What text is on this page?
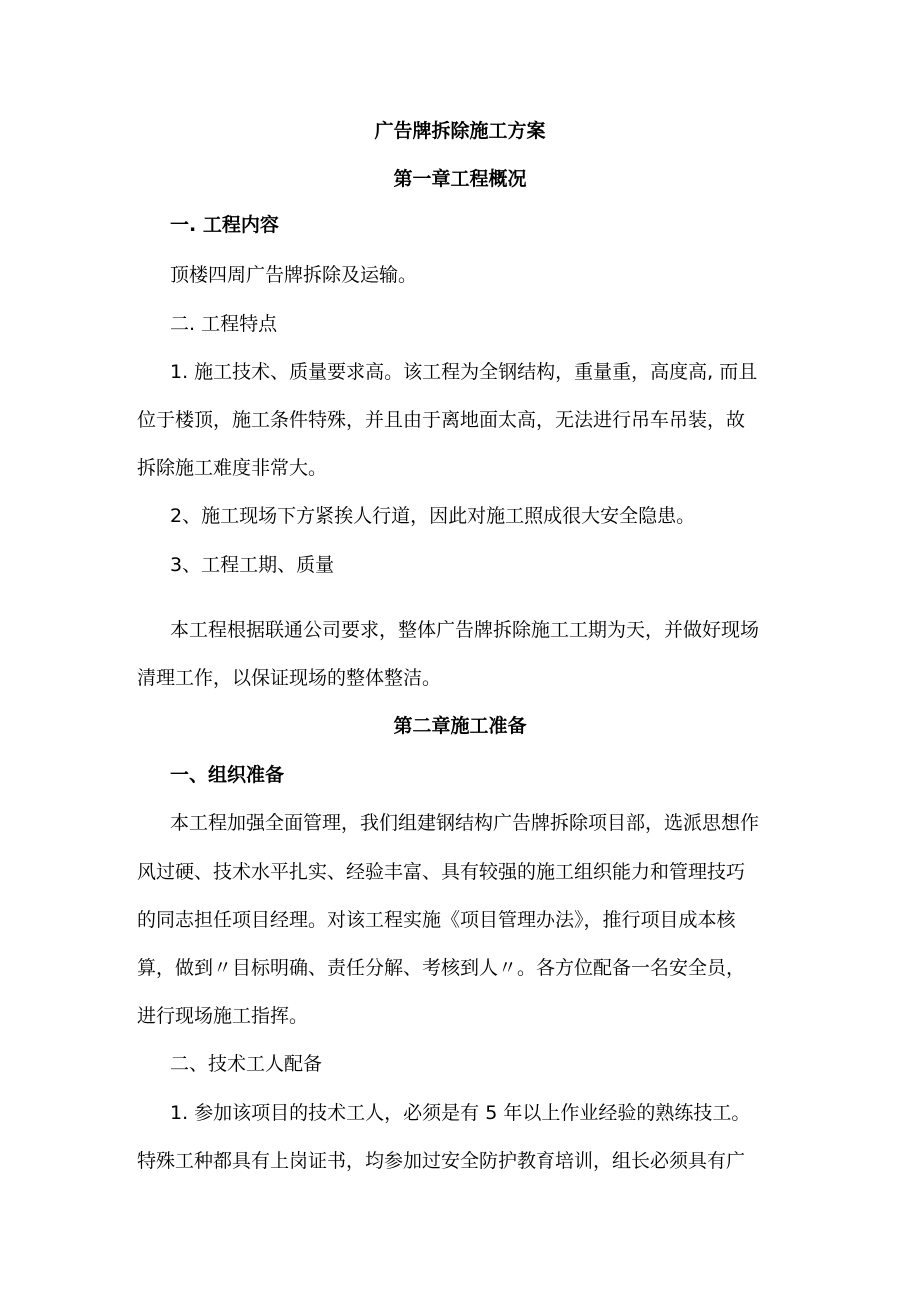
广告牌拆除施工方案
第一章工程概况
一. 工程内容
顶楼四周广告牌拆除及运输。
二. 工程特点
1. 施工技术、质量要求高。该工程为全钢结构，重量重，高度高, 而且
位于楼顶，施工条件特殊，并且由于离地面太高，无法进行吊车吊装，故
拆除施工难度非常大。
2、施工现场下方紧挨人行道，因此对施工照成很大安全隐患。
3、工程工期、质量
本工程根据联通公司要求，整体广告牌拆除施工工期为天，并做好现场
清理工作，以保证现场的整体整洁。
第二章施工准备
一、组织准备
本工程加强全面管理，我们组建钢结构广告牌拆除项目部，选派思想作
风过硬、技术水平扎实、经验丰富、具有较强的施工组织能力和管理技巧
的同志担任项目经理。对该工程实施《项目管理办法》，推行项目成本核
算，做到〃目标明确、责任分解、考核到人〃。各方位配备一名安全员，
进行现场施工指挥。
二、技术工人配备
1. 参加该项目的技术工人，必须是有 5 年以上作业经验的熟练技工。
特殊工种都具有上岗证书，均参加过安全防护教育培训，组长必须具有广
